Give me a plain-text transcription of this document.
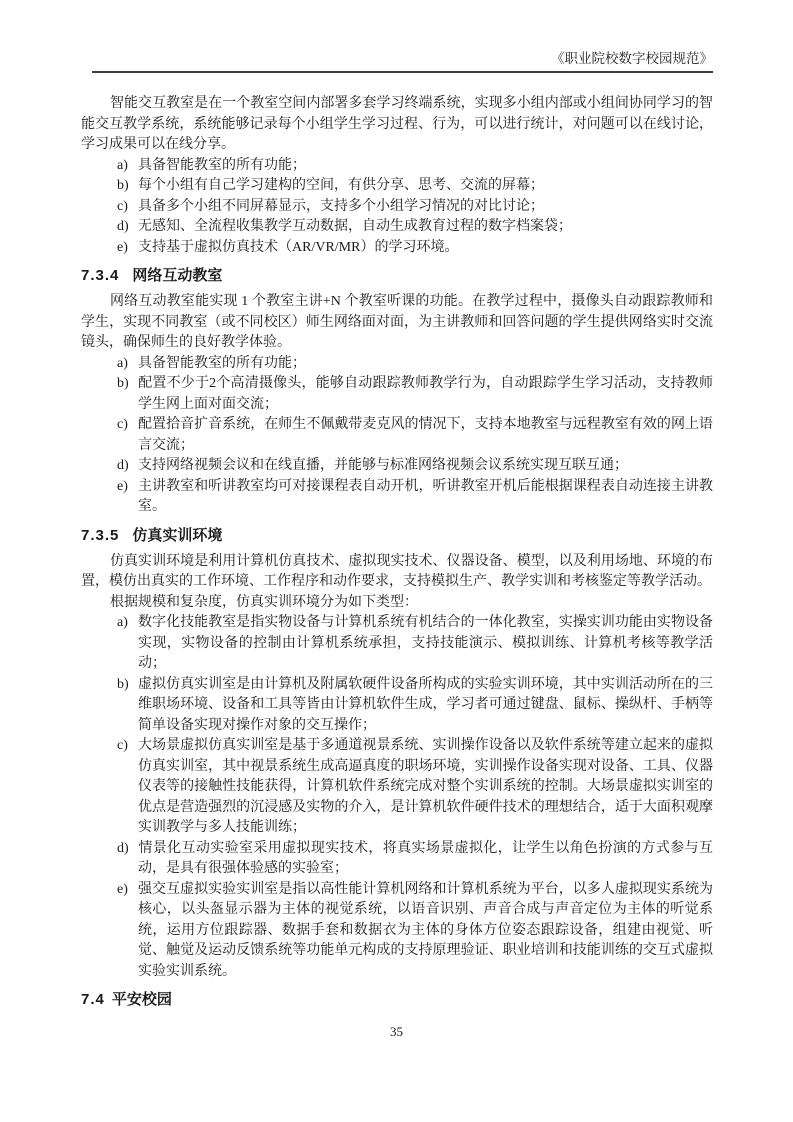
《职业院校数字校园规范》

智能交互教室是在一个教室空间内部署多套学习终端系统，实现多小组内部或小组间协同学习的智能交互教学系统，系统能够记录每个小组学生学习过程、行为，可以进行统计，对问题可以在线讨论，学习成果可以在线分享。

a) 具备智能教室的所有功能；
b) 每个小组有自己学习建构的空间，有供分享、思考、交流的屏幕；
c) 具备多个小组不同屏幕显示，支持多个小组学习情况的对比讨论；
d) 无感知、全流程收集教学互动数据，自动生成教育过程的数字档案袋；
e) 支持基于虚拟仿真技术（AR/VR/MR）的学习环境。
7.3.4 网络互动教室

网络互动教室能实现 1 个教室主讲+N 个教室听课的功能。在教学过程中，摄像头自动跟踪教师和学生，实现不同教室（或不同校区）师生网络面对面，为主讲教师和回答问题的学生提供网络实时交流镜头，确保师生的良好教学体验。

a) 具备智能教室的所有功能；
b) 配置不少于2个高清摄像头，能够自动跟踪教师教学行为，自动跟踪学生学习活动，支持教师学生网上面对面交流；
c) 配置拾音扩音系统，在师生不佩戴带麦克风的情况下，支持本地教室与远程教室有效的网上语言交流；
d) 支持网络视频会议和在线直播，并能够与标准网络视频会议系统实现互联互通；
e) 主讲教室和听讲教室均可对接课程表自动开机，听讲教室开机后能根据课程表自动连接主讲教室。
7.3.5 仿真实训环境

仿真实训环境是利用计算机仿真技术、虚拟现实技术、仪器设备、模型，以及利用场地、环境的布置，模仿出真实的工作环境、工作程序和动作要求，支持模拟生产、教学实训和考核鉴定等教学活动。

根据规模和复杂度，仿真实训环境分为如下类型：

a) 数字化技能教室是指实物设备与计算机系统有机结合的一体化教室，实操实训功能由实物设备实现，实物设备的控制由计算机系统承担，支持技能演示、模拟训练、计算机考核等教学活动；
b) 虚拟仿真实训室是由计算机及附属软硬件设备所构成的实验实训环境，其中实训活动所在的三维职场环境、设备和工具等皆由计算机软件生成，学习者可通过键盘、鼠标、操纵杆、手柄等简单设备实现对操作对象的交互操作；
c) 大场景虚拟仿真实训室是基于多通道视景系统、实训操作设备以及软件系统等建立起来的虚拟仿真实训室，其中视景系统生成高逼真度的职场环境，实训操作设备实现对设备、工具、仪器仪表等的接触性技能获得，计算机软件系统完成对整个实训系统的控制。大场景虚拟实训室的优点是营造强烈的沉浸感及实物的介入，是计算机软件硬件技术的理想结合，适于大面积观摩实训教学与多人技能训练；
d) 情景化互动实验室采用虚拟现实技术，将真实场景虚拟化，让学生以角色扮演的方式参与互动，是具有很强体验感的实验室；
e) 强交互虚拟实验实训室是指以高性能计算机网络和计算机系统为平台，以多人虚拟现实系统为核心，以头盔显示器为主体的视觉系统，以语音识别、声音合成与声音定位为主体的听觉系统，运用方位跟踪器、数据手套和数据衣为主体的身体方位姿态跟踪设备，组建由视觉、听觉、触觉及运动反馈系统等功能单元构成的支持原理验证、职业培训和技能训练的交互式虚拟实验实训系统。
7.4 平安校园
35
